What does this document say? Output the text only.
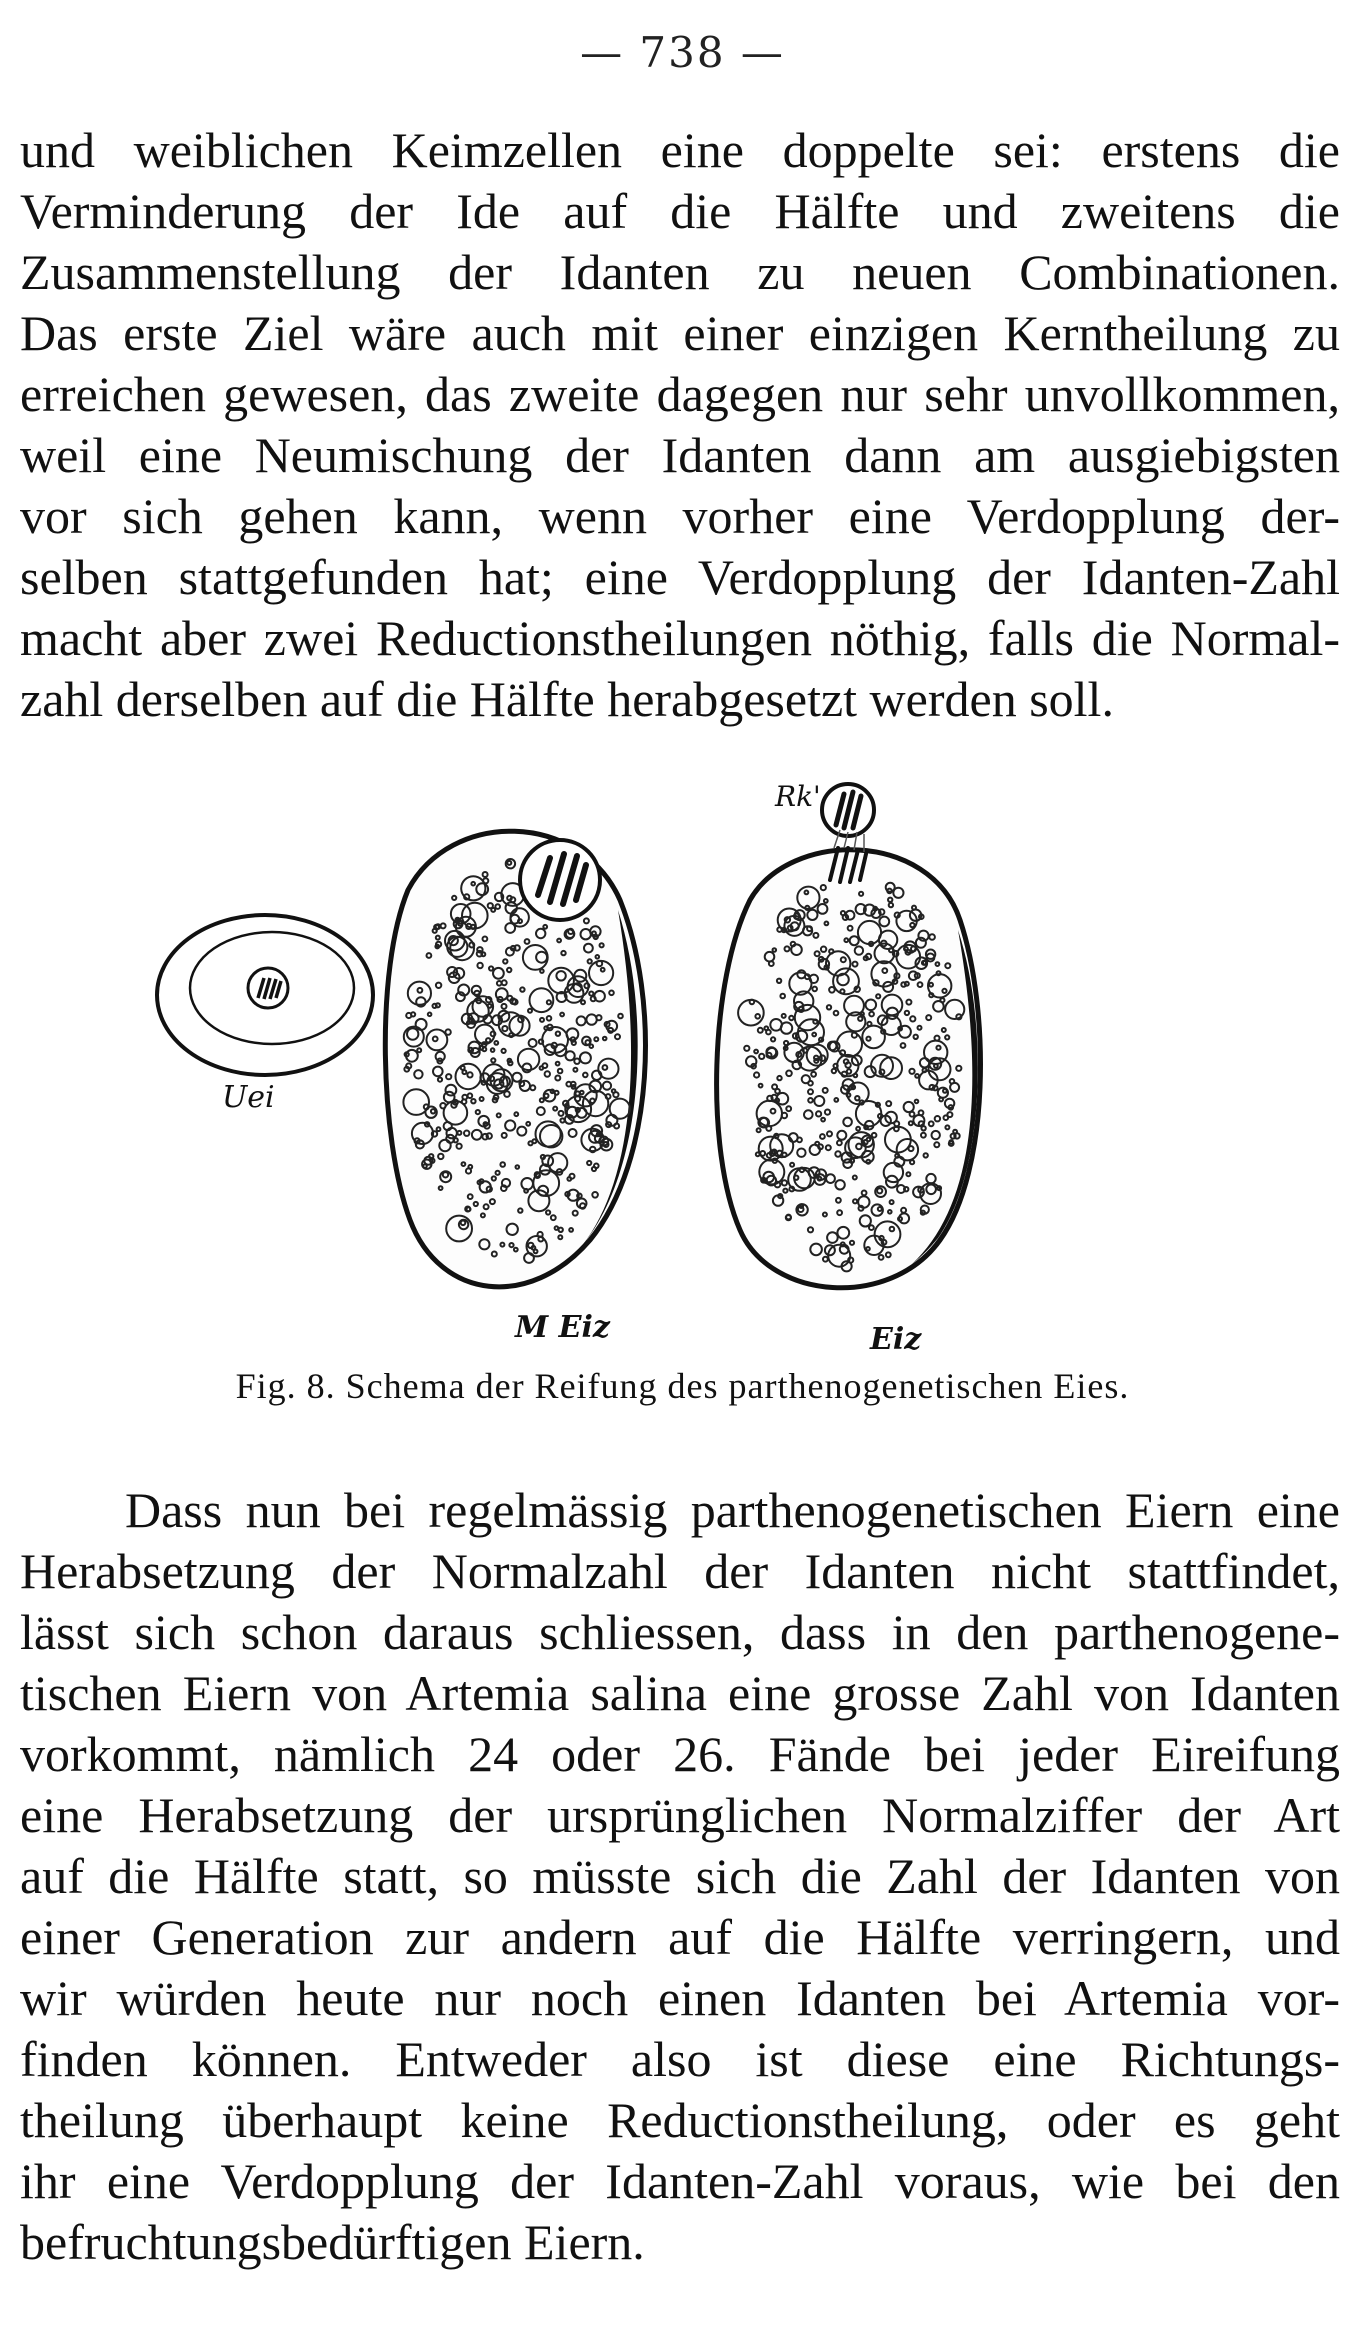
— 738 —
und weiblichen Keimzellen eine doppelte sei: erstens die
Verminderung der Ide auf die Hälfte und zweitens die
Zusammenstellung der Idanten zu neuen Combinationen.
Das erste Ziel wäre auch mit einer einzigen Kerntheilung zu
erreichen gewesen, das zweite dagegen nur sehr unvollkommen,
weil eine Neumischung der Idanten dann am ausgiebigsten
vor sich gehen kann, wenn vorher eine Verdopplung der-
selben stattgefunden hat; eine Verdopplung der Idanten-Zahl
macht aber zwei Reductionstheilungen nöthig, falls die Normal-
zahl derselben auf die Hälfte herabgesetzt werden soll.
Uei
M Eiz	Eiz
Rk'
Fig. 8. Schema der Reifung des parthenogenetischen Eies.
Dass nun bei regelmässig parthenogenetischen Eiern eine
Herabsetzung der Normalzahl der Idanten nicht stattfindet,
lässt sich schon daraus schliessen, dass in den parthenogene-
tischen Eiern von Artemia salina eine grosse Zahl von Idanten
vorkommt, nämlich 24 oder 26. Fände bei jeder Eireifung
eine Herabsetzung der ursprünglichen Normalziffer der Art
auf die Hälfte statt, so müsste sich die Zahl der Idanten von
einer Generation zur andern auf die Hälfte verringern, und
wir würden heute nur noch einen Idanten bei Artemia vor-
finden können. Entweder also ist diese eine Richtungs-
theilung überhaupt keine Reductionstheilung, oder es geht
ihr eine Verdopplung der Idanten-Zahl voraus, wie bei den
befruchtungsbedürftigen Eiern.
